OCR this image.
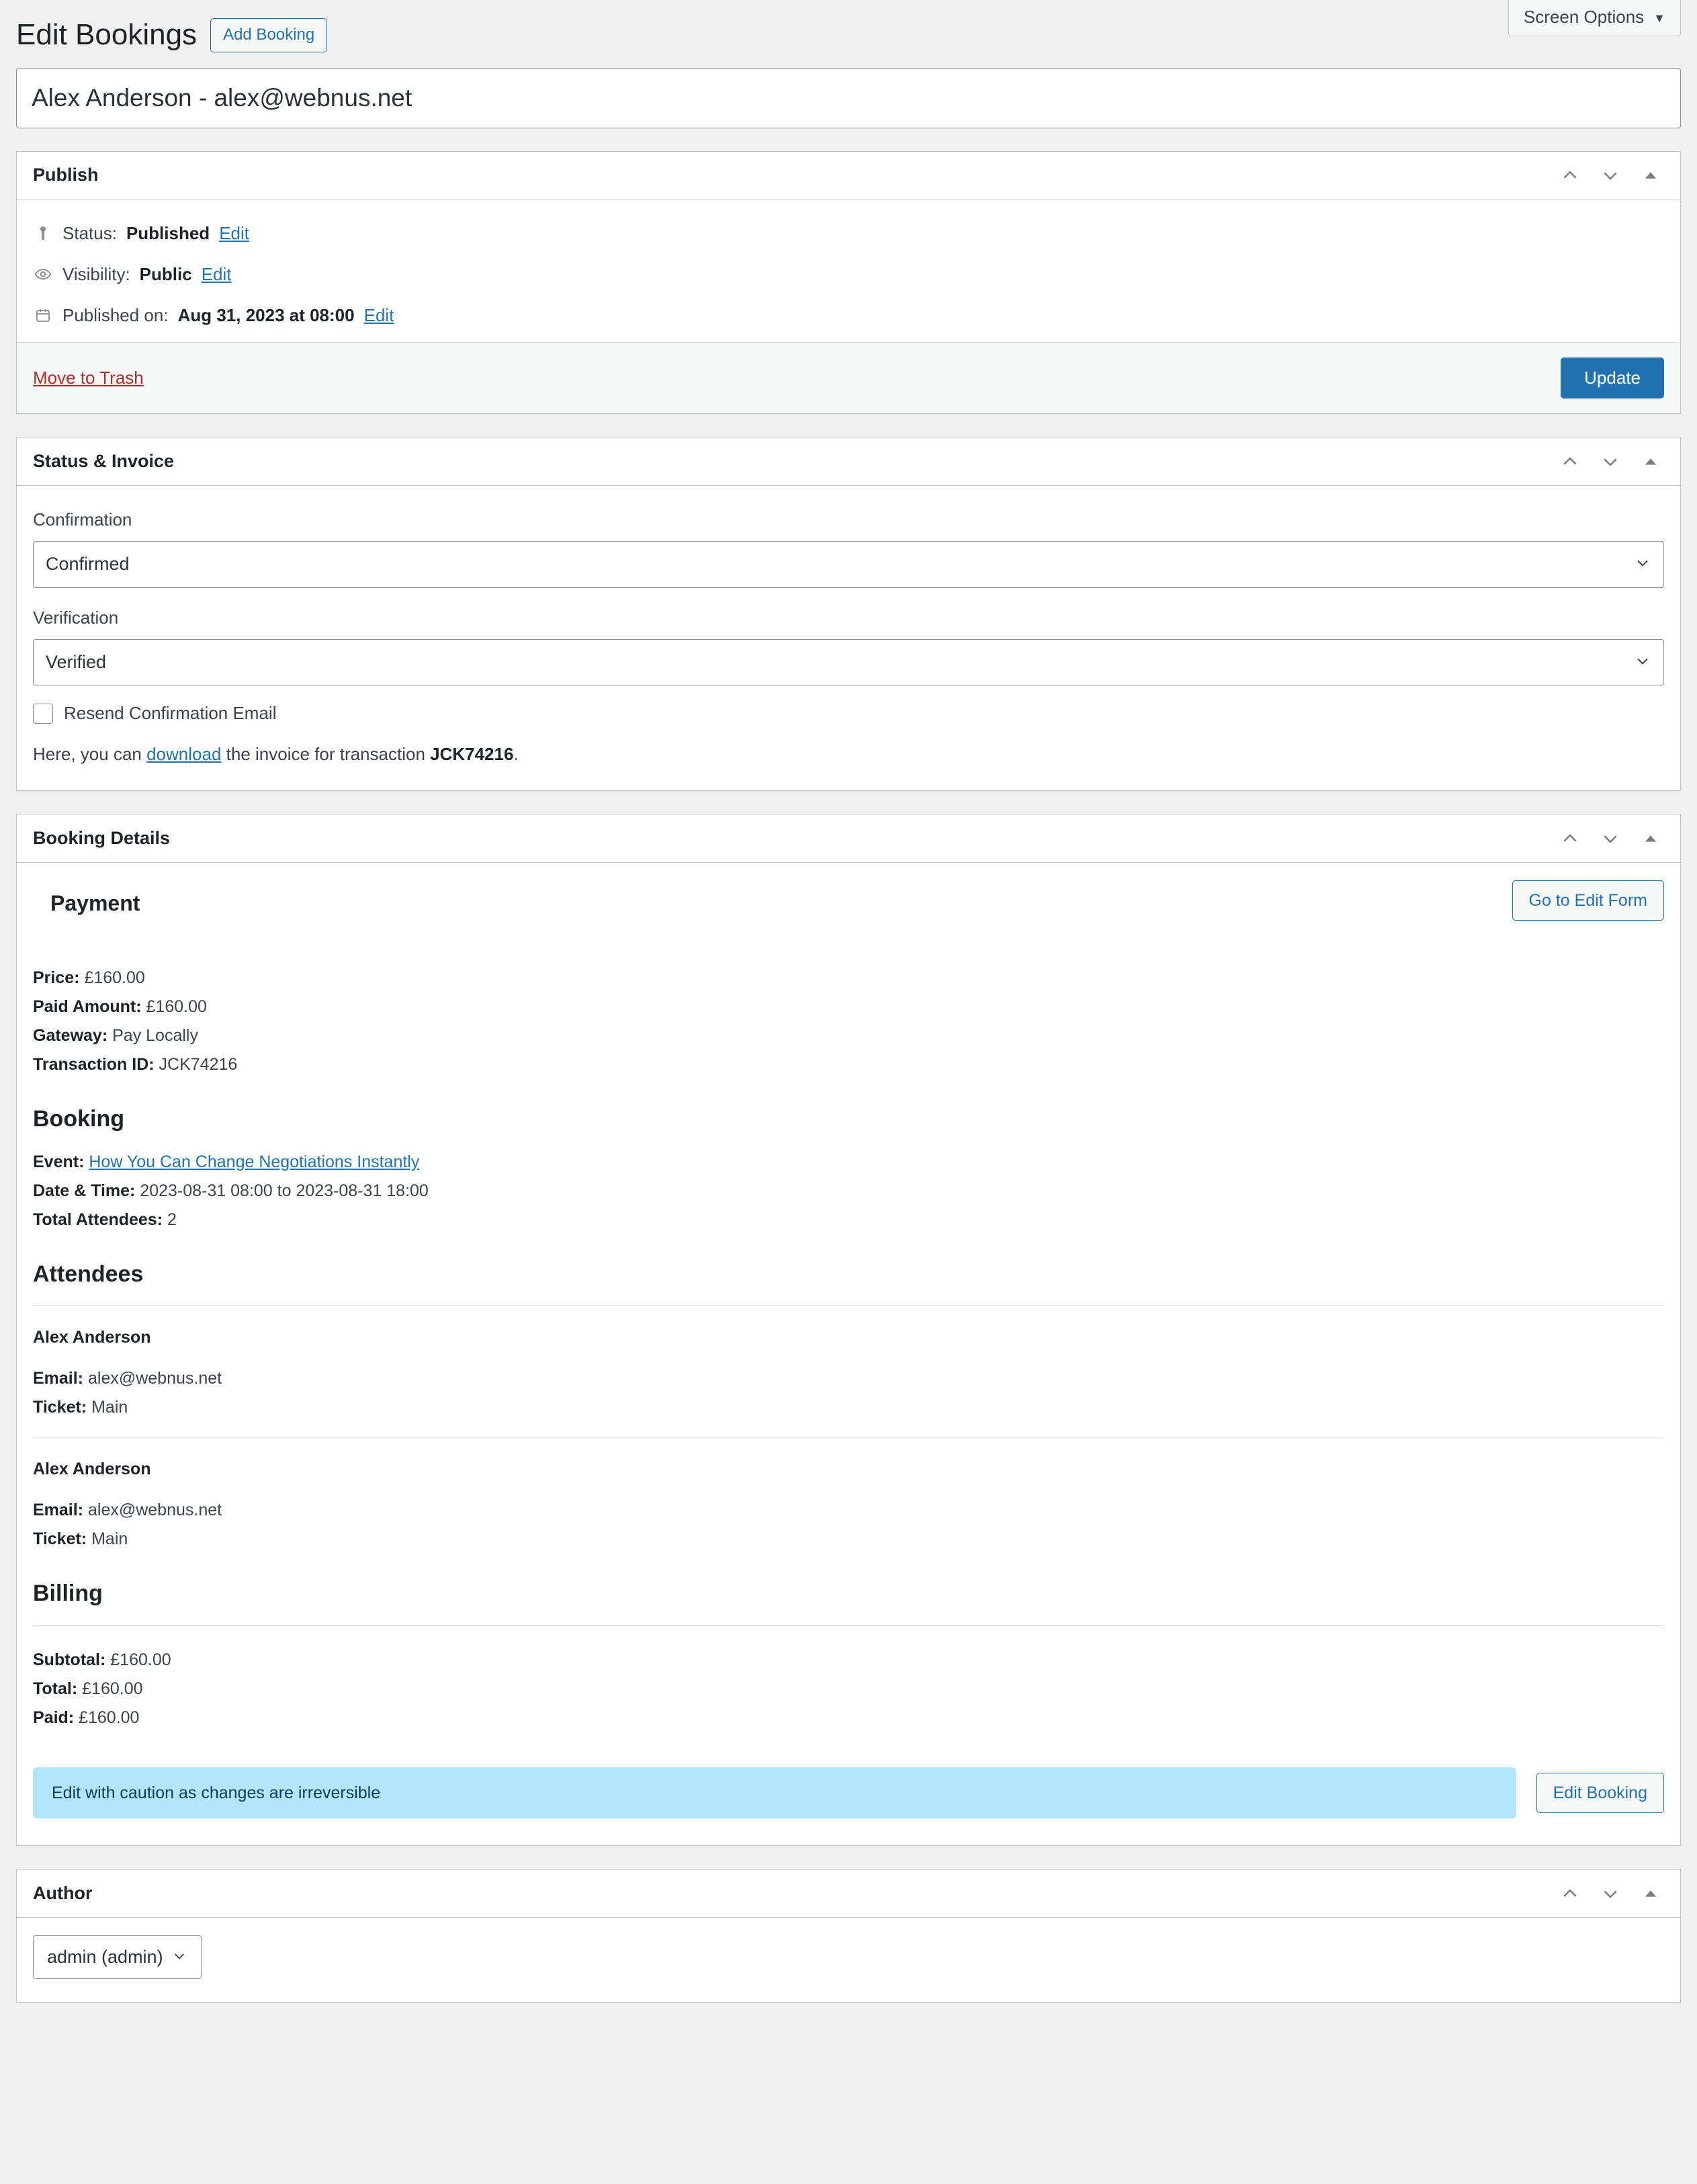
Screen Options ▼
Edit Bookings	Add Booking
Alex Anderson - alex@webnus.net
Publish
Status: Published Edit
Visibility: Public Edit
Published on: Aug 31, 2023 at 08:00 Edit
Move to Trash	Update
Status & Invoice
Confirmation
Confirmed
Verification
Verified
Resend Confirmation Email
Here, you can download the invoice for transaction JCK74216.
Booking Details
Payment	Go to Edit Form
Price: £160.00
Paid Amount: £160.00
Gateway: Pay Locally
Transaction ID: JCK74216
Booking
Event: How You Can Change Negotiations Instantly
Date & Time: 2023-08-31 08:00 to 2023-08-31 18:00
Total Attendees: 2
Attendees
Alex Anderson
Email: alex@webnus.net
Ticket: Main
Alex Anderson
Email: alex@webnus.net
Ticket: Main
Billing
Subtotal: £160.00
Total: £160.00
Paid: £160.00
Edit with caution as changes are irreversible	Edit Booking
Author
admin (admin)
